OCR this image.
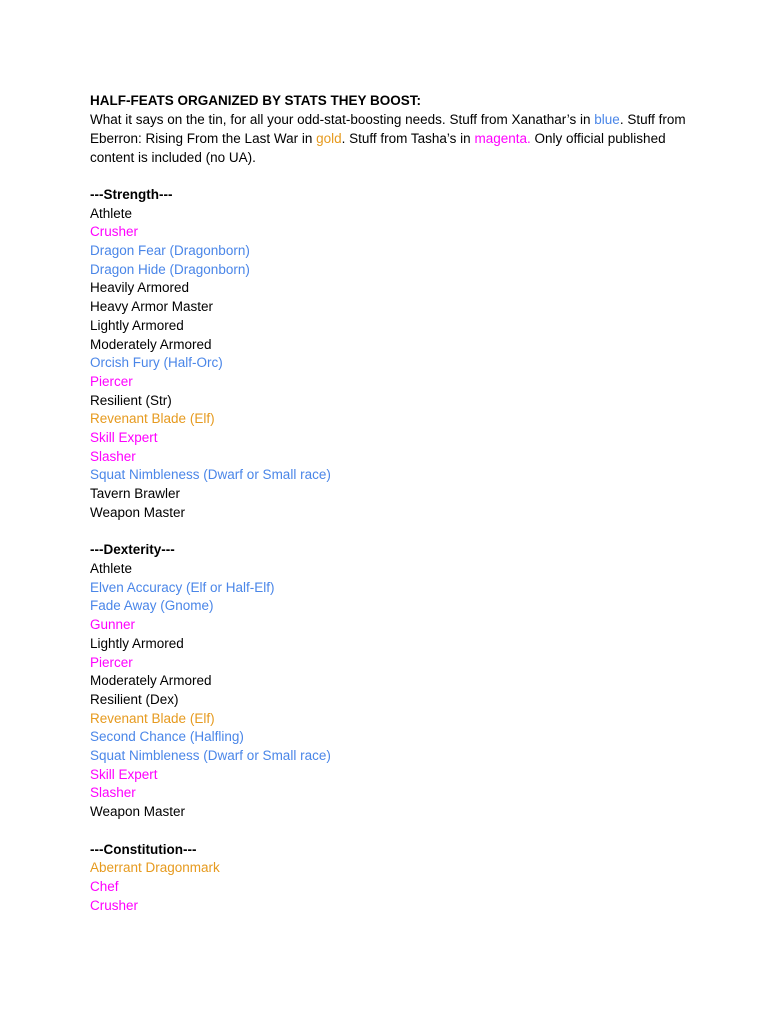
HALF-FEATS ORGANIZED BY STATS THEY BOOST:

What it says on the tin, for all your odd-stat-boosting needs. Stuff from Xanathar’s in blue. Stuff from Eberron: Rising From the Last War in gold. Stuff from Tasha’s in magenta. Only official published content is included (no UA).

---Strength---

Athlete

Crusher

Dragon Fear (Dragonborn)

Dragon Hide (Dragonborn)

Heavily Armored

Heavy Armor Master

Lightly Armored

Moderately Armored

Orcish Fury (Half-Orc)

Piercer

Resilient (Str)

Revenant Blade (Elf)

Skill Expert

Slasher

Squat Nimbleness (Dwarf or Small race)

Tavern Brawler

Weapon Master

---Dexterity---

Athlete

Elven Accuracy (Elf or Half-Elf)

Fade Away (Gnome)

Gunner

Lightly Armored

Piercer

Moderately Armored

Resilient (Dex)

Revenant Blade (Elf)

Second Chance (Halfling)

Squat Nimbleness (Dwarf or Small race)

Skill Expert

Slasher

Weapon Master

---Constitution---

Aberrant Dragonmark

Chef

Crusher
